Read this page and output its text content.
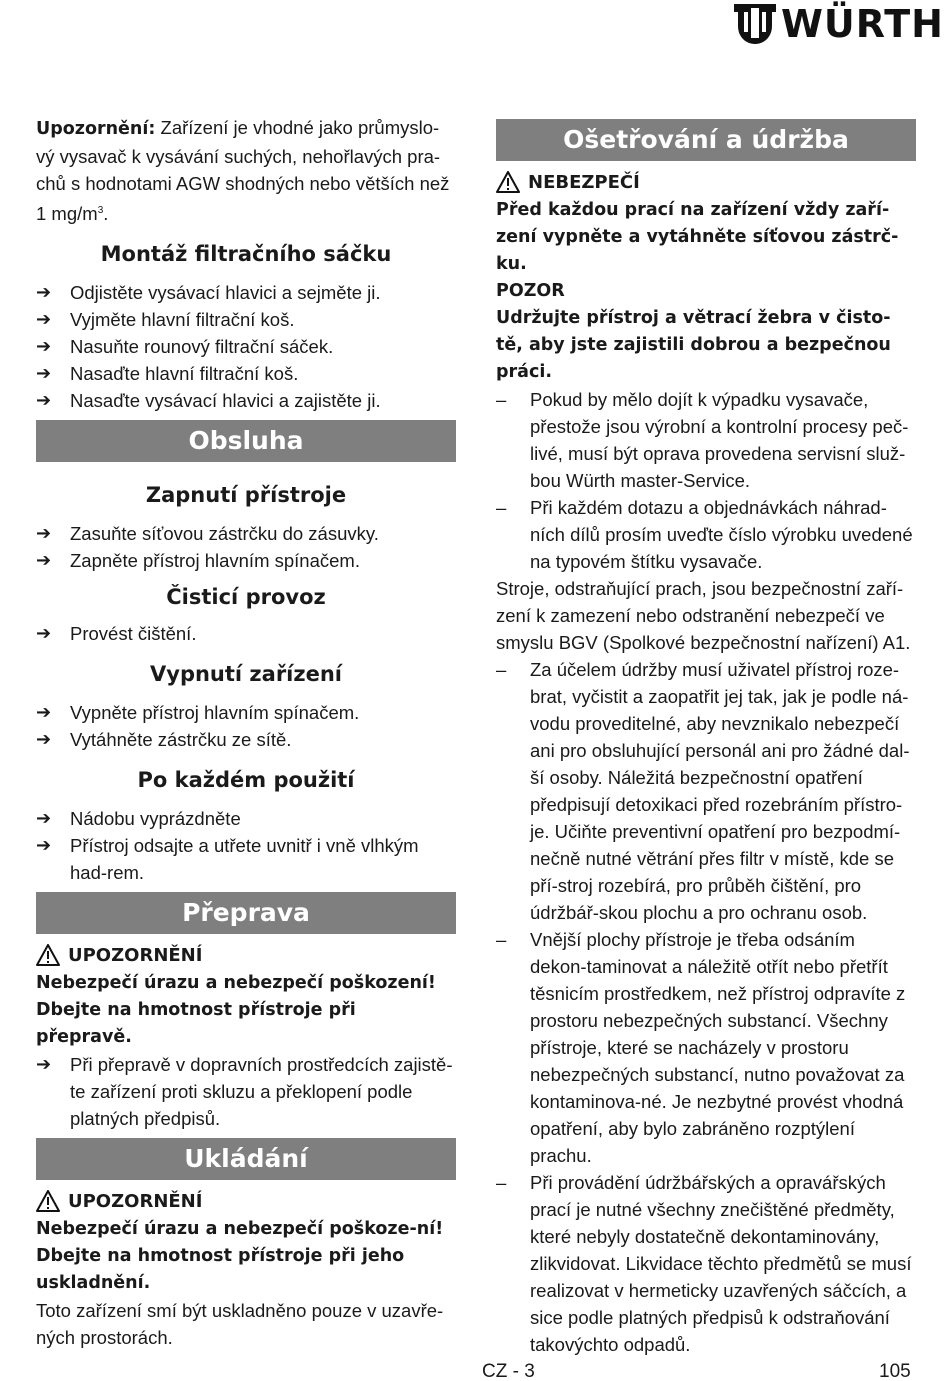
WÜRTH

Upozornění: Zařízení je vhodné jako průmyslo-vý vysavač k vysávání suchých, nehořlavých pra-chů s hodnotami AGW shodných nebo větších než 1 $mg/m^3$.

Montáž filtračního sáčku
➔ Odjistěte vysávací hlavici a sejměte ji.
➔ Vyjměte hlavní filtrační koš.
➔ Nasuňte rounový filtrační sáček.
➔ Nasaďte hlavní filtrační koš.
➔ Nasaďte vysávací hlavici a zajistěte ji.
Obsluha
Zapnutí přístroje
➔ Zasuňte síťovou zástrčku do zásuvky.
➔ Zapněte přístroj hlavním spínačem.
Čisticí provoz
➔ Provést čištění.
Vypnutí zařízení
➔ Vypněte přístroj hlavním spínačem.
➔ Vytáhněte zástrčku ze sítě.
Po každém použití
➔ Nádobu vyprázdněte
➔ Přístroj odsajte a utřete uvnitř i vně vlhkým had-rem.
Přeprava
UPOZORNĚNÍ

Nebezpečí úrazu a nebezpečí poškození!

Dbejte na hmotnost přístroje při přepravě.

➔ Při přepravě v dopravních prostředcích zajistě-te zařízení proti skluzu a překlopení podle platných předpisů.
Ukládání
UPOZORNĚNÍ

Nebezpečí úrazu a nebezpečí poškoze-ní! Dbejte na hmotnost přístroje při jeho uskladnění.

Toto zařízení smí být uskladněno pouze v uzavře-ných prostorách.

Ošetřování a údržba
NEBEZPEČÍ

Před každou prací na zařízení vždy zaří-zení vypněte a vytáhněte síťovou zástrč-ku.

POZOR

Udržujte přístroj a větrací žebra v čisto-tě, aby jste zajistili dobrou a bezpečnou práci.

– Pokud by mělo dojít k výpadku vysavače, přestože jsou výrobní a kontrolní procesy peč-livé, musí být oprava provedena servisní služ-bou Würth master-Service.
– Při každém dotazu a objednávkách náhrad-ních dílů prosím uveďte číslo výrobku uvedené na typovém štítku vysavače.

Stroje, odstraňující prach, jsou bezpečnostní zaří-zení k zamezení nebo odstranění nebezpečí ve smyslu BGV (Spolkové bezpečnostní nařízení) A1.

– Za účelem údržby musí uživatel přístroj roze-brat, vyčistit a zaopatřit jej tak, jak je podle ná-vodu proveditelné, aby nevznikalo nebezpečí ani pro obsluhující personál ani pro žádné dal-ší osoby. Náležitá bezpečnostní opatření předpisují detoxikaci před rozebráním přístro-je. Učiňte preventivní opatření pro bezpodmí-nečně nutné větrání přes filtr v místě, kde se pří-stroj rozebírá, pro průběh čištění, pro údržbář-skou plochu a pro ochranu osob.
– Vnější plochy přístroje je třeba odsáním dekon-taminovat a náležitě otřít nebo přetřít těsnicím prostředkem, než přístroj odpravíte z prostoru nebezpečných substancí. Všechny přístroje, které se nacházely v prostoru nebezpečných substancí, nutno považovat za kontaminova-né. Je nezbytné provést vhodná opatření, aby bylo zabráněno rozptýlení prachu.
– Při provádění údržbářských a opravářských prací je nutné všechny znečištěné předměty, které nebyly dostatečně dekontaminovány, zlikvidovat. Likvidace těchto předmětů se musí realizovat v hermeticky uzavřených sáčcích, a sice podle platných předpisů k odstraňování takovýchto odpadů.
CZ - 3	105
